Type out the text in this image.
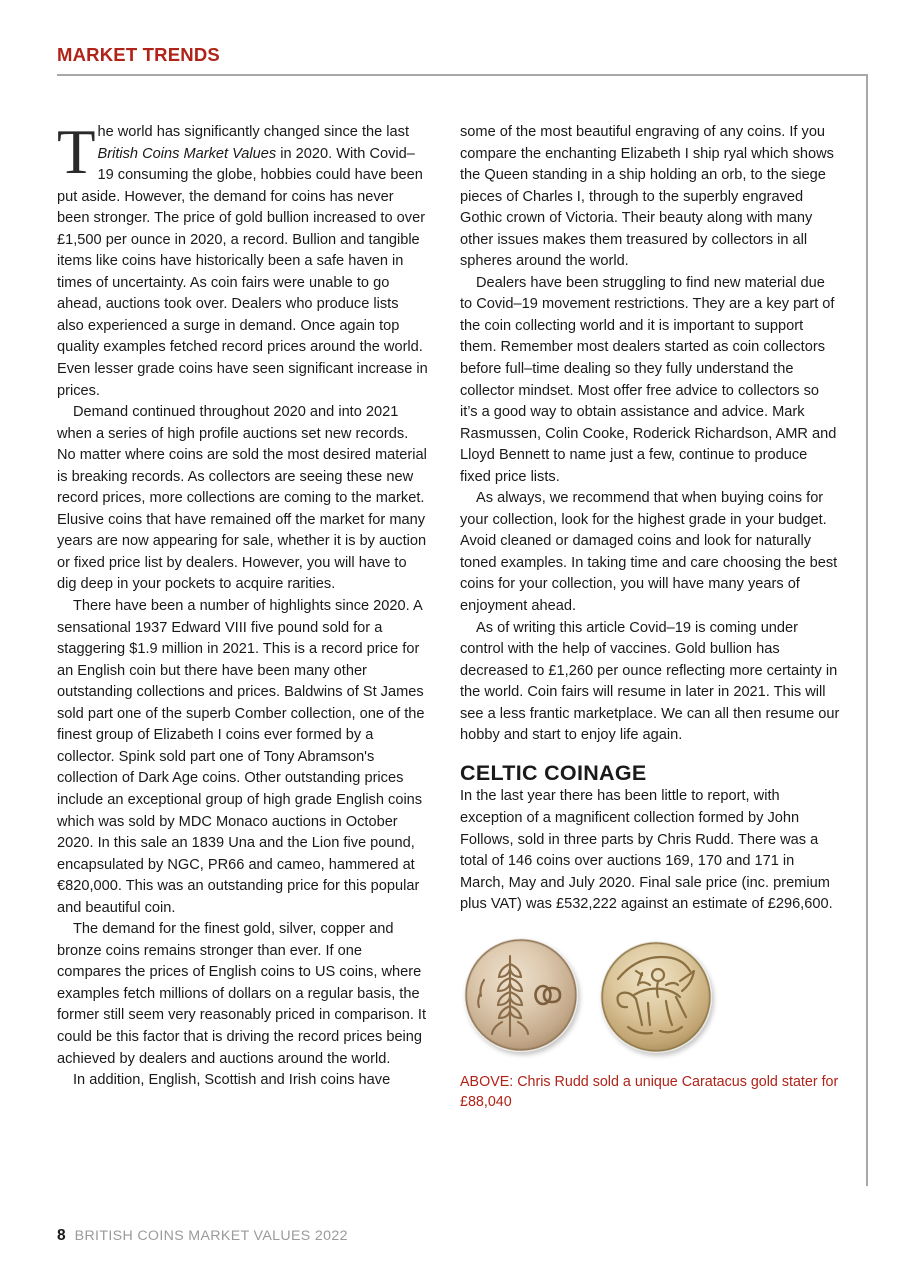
MARKET TRENDS

The world has significantly changed since the last British Coins Market Values in 2020. With Covid–19 consuming the globe, hobbies could have been put aside. However, the demand for coins has never been stronger. The price of gold bullion increased to over £1,500 per ounce in 2020, a record. Bullion and tangible items like coins have historically been a safe haven in times of uncertainty. As coin fairs were unable to go ahead, auctions took over. Dealers who produce lists also experienced a surge in demand. Once again top quality examples fetched record prices around the world. Even lesser grade coins have seen significant increase in prices.

Demand continued throughout 2020 and into 2021 when a series of high profile auctions set new records. No matter where coins are sold the most desired material is breaking records. As collectors are seeing these new record prices, more collections are coming to the market. Elusive coins that have remained off the market for many years are now appearing for sale, whether it is by auction or fixed price list by dealers. However, you will have to dig deep in your pockets to acquire rarities.

There have been a number of highlights since 2020. A sensational 1937 Edward VIII five pound sold for a staggering $1.9 million in 2021. This is a record price for an English coin but there have been many other outstanding collections and prices. Baldwins of St James sold part one of the superb Comber collection, one of the finest group of Elizabeth I coins ever formed by a collector. Spink sold part one of Tony Abramson's collection of Dark Age coins. Other outstanding prices include an exceptional group of high grade English coins which was sold by MDC Monaco auctions in October 2020. In this sale an 1839 Una and the Lion five pound, encapsulated by NGC, PR66 and cameo, hammered at €820,000. This was an outstanding price for this popular and beautiful coin.

The demand for the finest gold, silver, copper and bronze coins remains stronger than ever. If one compares the prices of English coins to US coins, where examples fetch millions of dollars on a regular basis, the former still seem very reasonably priced in comparison. It could be this factor that is driving the record prices being achieved by dealers and auctions around the world.

In addition, English, Scottish and Irish coins have

some of the most beautiful engraving of any coins. If you compare the enchanting Elizabeth I ship ryal which shows the Queen standing in a ship holding an orb, to the siege pieces of Charles I, through to the superbly engraved Gothic crown of Victoria. Their beauty along with many other issues makes them treasured by collectors in all spheres around the world.

Dealers have been struggling to find new material due to Covid–19 movement restrictions. They are a key part of the coin collecting world and it is important to support them. Remember most dealers started as coin collectors before full–time dealing so they fully understand the collector mindset. Most offer free advice to collectors so it’s a good way to obtain assistance and advice. Mark Rasmussen, Colin Cooke, Roderick Richardson, AMR and Lloyd Bennett to name just a few, continue to produce fixed price lists.

As always, we recommend that when buying coins for your collection, look for the highest grade in your budget. Avoid cleaned or damaged coins and look for naturally toned examples. In taking time and care choosing the best coins for your collection, you will have many years of enjoyment ahead.

As of writing this article Covid–19 is coming under control with the help of vaccines. Gold bullion has decreased to £1,260 per ounce reflecting more certainty in the world. Coin fairs will resume in later in 2021. This will see a less frantic marketplace. We can all then resume our hobby and start to enjoy life again.

CELTIC COINAGE

In the last year there has been little to report, with exception of a magnificent collection formed by John Follows, sold in three parts by Chris Rudd. There was a total of 146 coins over auctions 169, 170 and 171 in March, May and July 2020. Final sale price (inc. premium plus VAT) was £532,222 against an estimate of £296,600.

ABOVE: Chris Rudd sold a unique Caratacus gold stater for £88,040
8 BRITISH COINS MARKET VALUES 2022
